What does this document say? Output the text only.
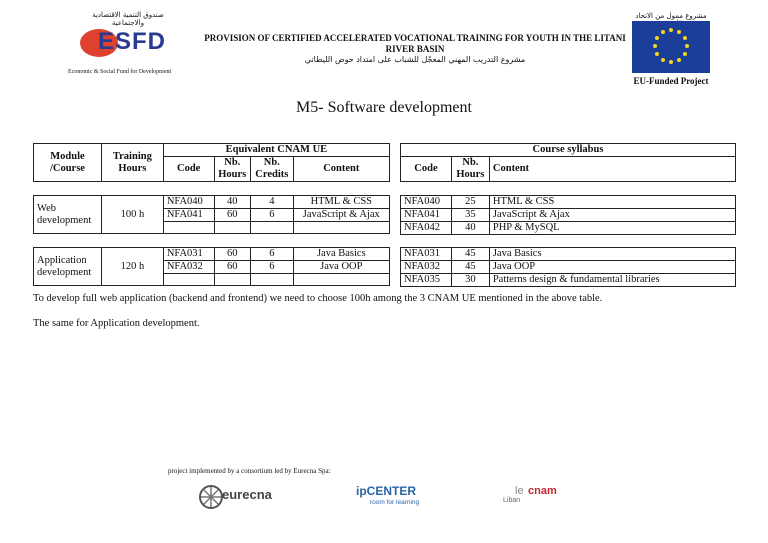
صندوق التنمية الاقتصادية والاجتماعية
ESFD
Economic & Social Fund for Development
PROVISION OF CERTIFIED ACCELERATED VOCATIONAL TRAINING FOR YOUTH IN THE LITANI
RIVER BASIN
مشروع التدريب المهني المعجّل للشباب على امتداد حوض الليطاني
مشروع ممول من الاتحاد
EU-Funded Project
M5- Software development
Module /Course	Training Hours	Equivalent CNAM UE			
		Code	Nb. Hours	Nb. Credits	Content
Web development	100 h	NFA040	40	4	HTML & CSS
		NFA041	60	6	JavaScript & Ajax

Application development	120 h	NFA031	60	6	Java Basics
		NFA032	60	6	Java OOP

Course syllabus
Code	Nb. Hours	Content
NFA040	25	HTML & CSS
NFA041	35	JavaScript & Ajax
NFA042	40	PHP & MySQL
NFA031	45	Java Basics
NFA032	45	Java OOP
NFA035	30	Patterns design & fundamental libraries
To develop full web application (backend and frontend) we need to choose 100h among the 3 CNAM UE mentioned in the above table.
The same for Application development.
project implemented by a consortium led by Eurecna Spa:
eurecna	ipCENTER
room for learning
le cnam
Liban
